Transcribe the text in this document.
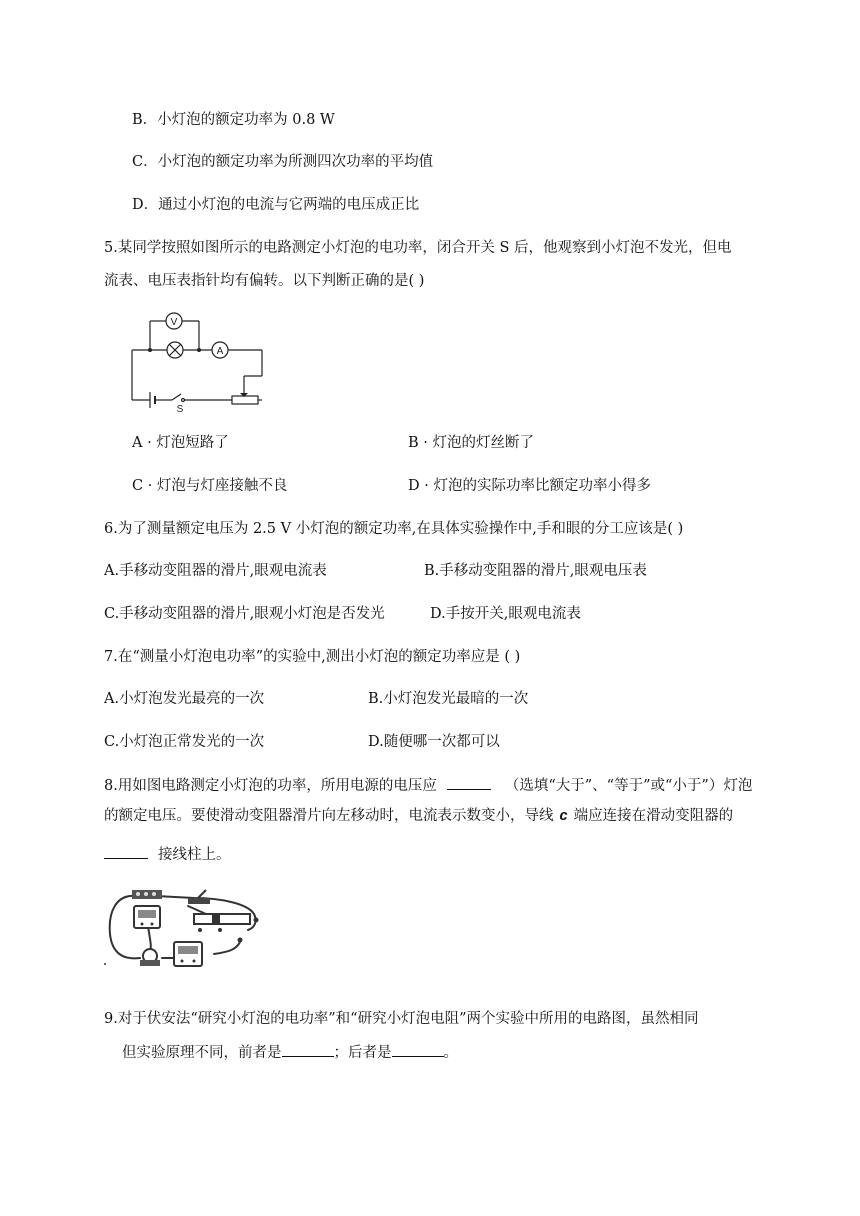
B．小灯泡的额定功率为 0.8 W
C．小灯泡的额定功率为所测四次功率的平均值
D．通过小灯泡的电流与它两端的电压成正比
5.某同学按照如图所示的电路测定小灯泡的电功率，闭合开关 S 后，他观察到小灯泡不发光，但电
流表、电压表指针均有偏转。以下判断正确的是( )
V
A
S
A · 灯泡短路了	B · 灯泡的灯丝断了
C · 灯泡与灯座接触不良	D · 灯泡的实际功率比额定功率小得多
6.为了测量额定电压为 2.5 V 小灯泡的额定功率,在具体实验操作中,手和眼的分工应该是( )
A.手移动变阻器的滑片,眼观电流表	B.手移动变阻器的滑片,眼观电压表
C.手移动变阻器的滑片,眼观小灯泡是否发光	D.手按开关,眼观电流表
7.在“测量小灯泡电功率”的实验中,测出小灯泡的额定功率应是 ( )
A.小灯泡发光最亮的一次	B.小灯泡发光最暗的一次
C.小灯泡正常发光的一次	D.随便哪一次都可以
8.用如图电路测定小灯泡的功率，所用电源的电压应	（选填“大于”、“等于”或“小于”）灯泡
的额定电压。要使滑动变阻器滑片向左移动时，电流表示数变小，导线 c 端应连接在滑动变阻器的
接线柱上。
9.对于伏安法“研究小灯泡的电功率”和“研究小灯泡电阻”两个实验中所用的电路图，虽然相同
但实验原理不同，前者是	；后者是	。
